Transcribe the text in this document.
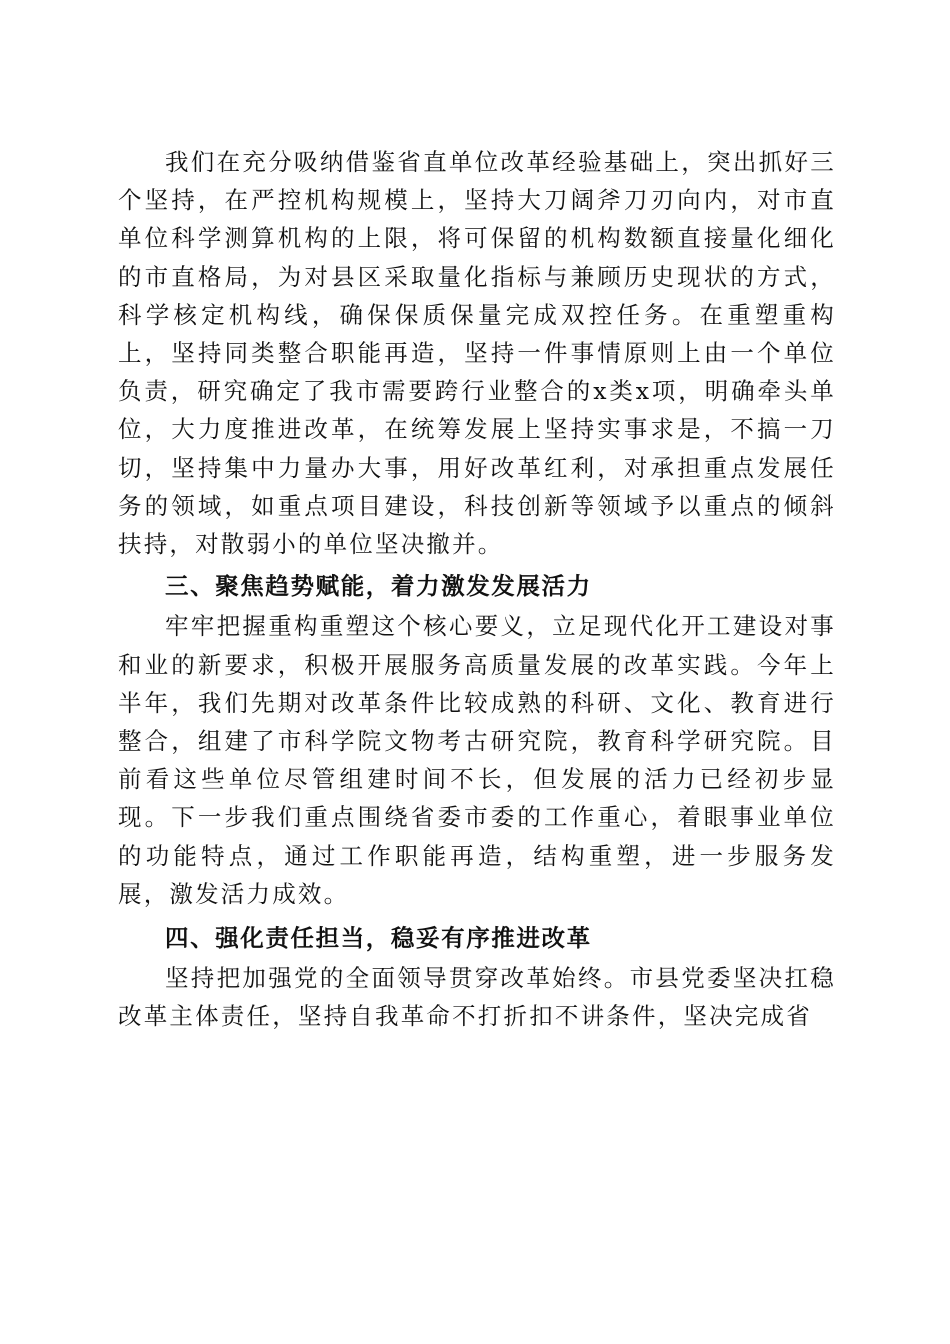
我们在充分吸纳借鉴省直单位改革经验基础上，突出抓好三个坚持，在严控机构规模上，坚持大刀阔斧刀刃向内，对市直单位科学测算机构的上限，将可保留的机构数额直接量化细化的市直格局，为对县区采取量化指标与兼顾历史现状的方式，科学核定机构线，确保保质保量完成双控任务。在重塑重构上，坚持同类整合职能再造，坚持一件事情原则上由一个单位负责，研究确定了我市需要跨行业整合的x类x项，明确牵头单位，大力度推进改革，在统筹发展上坚持实事求是，不搞一刀切，坚持集中力量办大事，用好改革红利，对承担重点发展任务的领域，如重点项目建设，科技创新等领域予以重点的倾斜扶持，对散弱小的单位坚决撤并。

三、聚焦趋势赋能，着力激发发展活力

牢牢把握重构重塑这个核心要义，立足现代化开工建设对事和业的新要求，积极开展服务高质量发展的改革实践。今年上半年，我们先期对改革条件比较成熟的科研、文化、教育进行整合，组建了市科学院文物考古研究院，教育科学研究院。目前看这些单位尽管组建时间不长，但发展的活力已经初步显现。下一步我们重点围绕省委市委的工作重心，着眼事业单位的功能特点，通过工作职能再造，结构重塑，进一步服务发展，激发活力成效。

四、强化责任担当，稳妥有序推进改革

坚持把加强党的全面领导贯穿改革始终。市县党委坚决扛稳改革主体责任，坚持自我革命不打折扣不讲条件，坚决完成省
